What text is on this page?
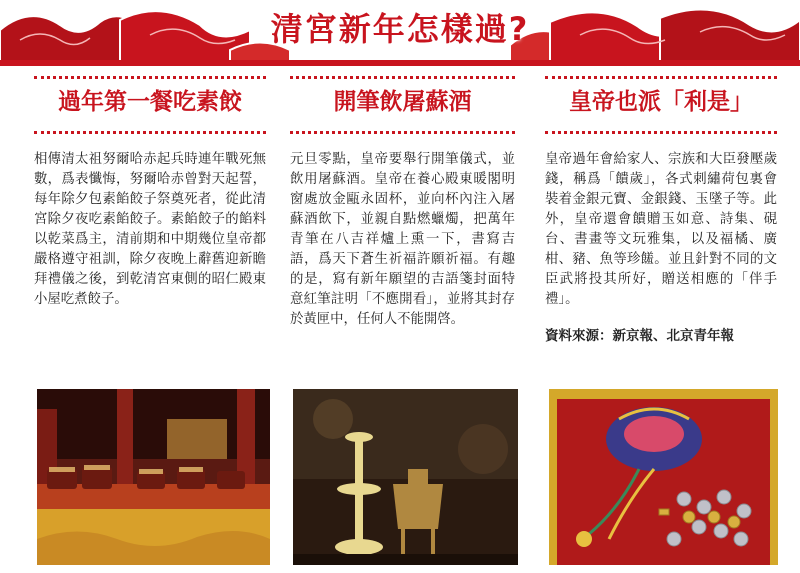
清宮新年怎樣過?
過年第一餐吃素餃
相傳清太祖努爾哈赤起兵時連年戰死無數，爲表懺悔，努爾哈赤曾對天起誓，每年除夕包素餡餃子祭奠死者，從此清宮除夕夜吃素餡餃子。素餡餃子的餡料以乾菜爲主，清前期和中期幾位皇帝都嚴格遵守祖訓，除夕夜晚上辭舊迎新瞻拜禮儀之後，到乾清宮東側的昭仁殿東小屋吃煮餃子。
開筆飲屠蘇酒
元旦零點，皇帝要舉行開筆儀式，並飲用屠蘇酒。皇帝在養心殿東暖閣明窗處放金甌永固杯，並向杯內注入屠蘇酒飲下，並親自點燃蠟燭，把萬年青筆在八吉祥爐上熏一下，書寫吉語，爲天下蒼生祈福許願祈福。有趣的是，寫有新年願望的吉語箋封面特意紅筆註明「不應開看」，並將其封存於黃匣中，任何人不能開啓。
皇帝也派「利是」
皇帝過年會給家人、宗族和大臣發壓歲錢，稱爲「饋歲」，各式刺繡荷包裏會裝着金銀元寶、金銀錢、玉墜子等。此外，皇帝還會饋贈玉如意、詩集、硯台、書畫等文玩雅集，以及福橘、廣柑、豬、魚等珍饈。並且針對不同的文臣武將投其所好，贈送相應的「伴手禮」。
資料來源：新京報、北京青年報
